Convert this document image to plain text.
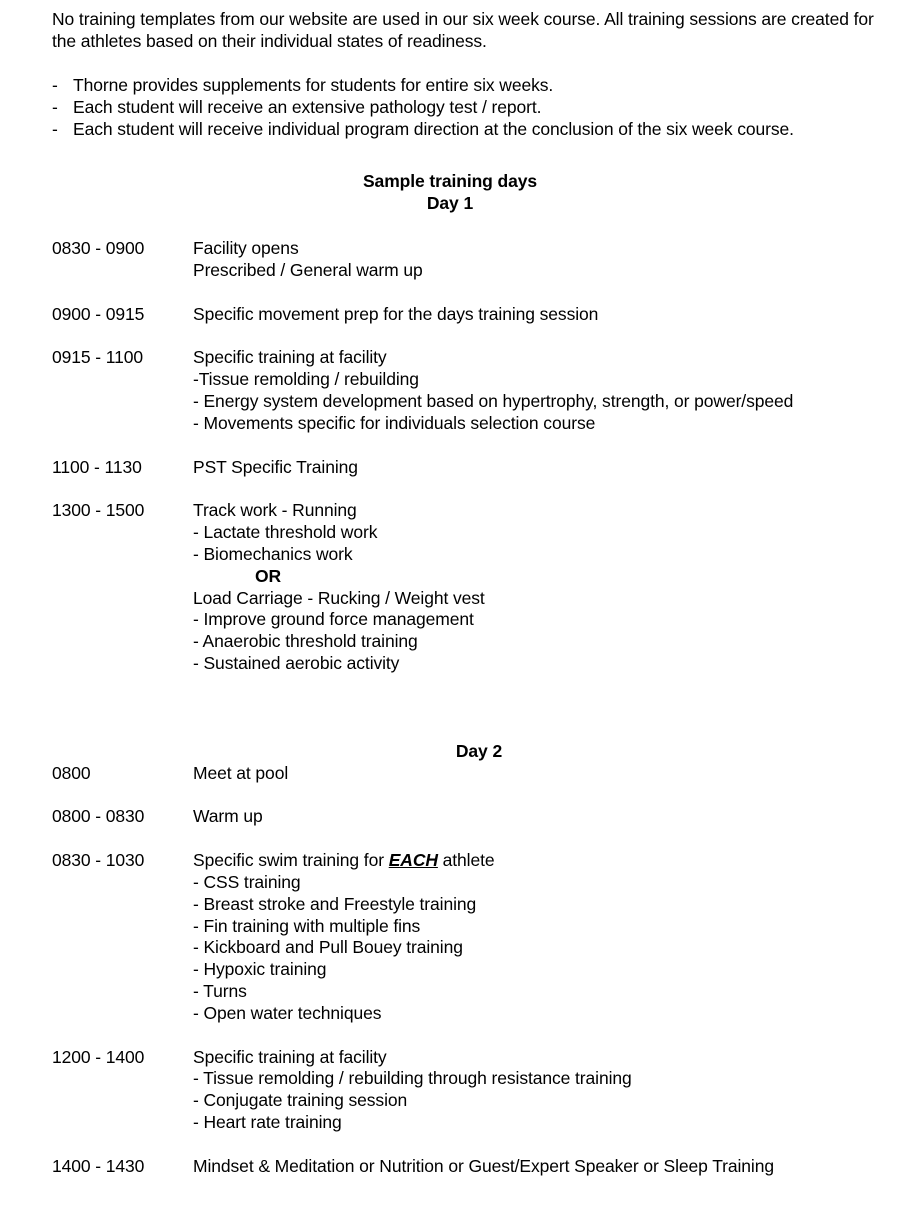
No training templates from our website are used in our six week course. All training sessions are created for the athletes based on their individual states of readiness.

- Thorne provides supplements for students for entire six weeks.
- Each student will receive an extensive pathology test / report.
- Each student will receive individual program direction at the conclusion of the six week course.
Sample training days
Day 1
0830 - 0900	Facility opens
Prescribed / General warm up

0900 - 0915	Specific movement prep for the days training session

0915 - 1100	Specific training at facility
-Tissue remolding / rebuilding
- Energy system development based on hypertrophy, strength, or power/speed
- Movements specific for individuals selection course

1100 - 1130	PST Specific Training

1300 - 1500	Track work - Running
- Lactate threshold work
- Biomechanics work
OR
Load Carriage - Rucking / Weight vest
- Improve ground force management
- Anaerobic threshold training
- Sustained aerobic activity

	Day 2
0800	Meet at pool

0800 - 0830	Warm up

0830 - 1030	Specific swim training for EACH athlete
- CSS training
- Breast stroke and Freestyle training
- Fin training with multiple fins
- Kickboard and Pull Bouey training
- Hypoxic training
- Turns
- Open water techniques

1200 - 1400	Specific training at facility
- Tissue remolding / rebuilding through resistance training
- Conjugate training session
- Heart rate training

1400 - 1430	Mindset & Meditation or Nutrition or Guest/Expert Speaker or Sleep Training
